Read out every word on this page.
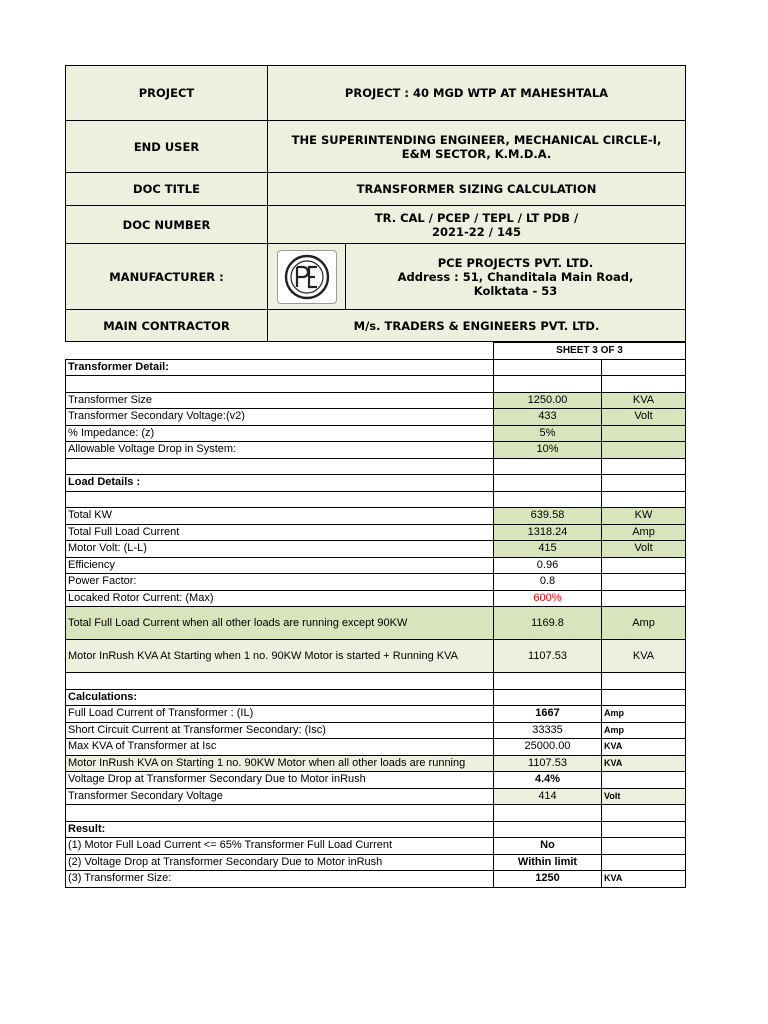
PROJECT	PROJECT : 40 MGD WTP AT MAHESHTALA	
END USER	THE SUPERINTENDING ENGINEER, MECHANICAL CIRCLE-I, E&M SECTOR, K.M.D.A.	
DOC TITLE	TRANSFORMER SIZING CALCULATION	
DOC NUMBER	TR. CAL / PCEP / TEPL / LT PDB /
2021-22 / 145	

MANUFACTURER :		PCE PROJECTS PVT. LTD.
Address : 51, Chanditala Main Road,
Kolktata - 53

MAIN CONTRACTOR	M/s. TRADERS & ENGINEERS PVT. LTD.	
	SHEET 3 OF 3	
Transformer Detail:		

Transformer Size	1250.00	KVA
Transformer Secondary Voltage:(v2)	433	Volt
% Impedance: (z)	5%	
Allowable Voltage Drop in System:	10%	

Load Details :		

Total KW	639.58	KW
Total Full Load Current	1318.24	Amp
Motor Volt: (L-L)	415	Volt
Efficiency	0.96	
Power Factor:	0.8	
Locaked Rotor Current: (Max)	600%	
Total Full Load Current when all other loads are running except 90KW	1169.8	Amp
Motor InRush KVA At Starting when 1 no. 90KW Motor is started + Running KVA	1107.53	KVA

Calculations:		
Full Load Current of Transformer : (IL)	1667	Amp
Short Circuit Current at Transformer Secondary: (Isc)	33335	Amp
Max KVA of Transformer at Isc	25000.00	KVA
Motor InRush KVA on Starting 1 no. 90KW Motor when all other loads are running	1107.53	KVA
Voltage Drop at Transformer Secondary Due to Motor inRush	4.4%	
Transformer Secondary Voltage	414	Volt

Result:		
(1) Motor Full Load Current <= 65% Transformer Full Load Current	No	
(2) Voltage Drop at Transformer Secondary Due to Motor inRush	Within limit	
(3) Transformer Size:	1250	KVA
